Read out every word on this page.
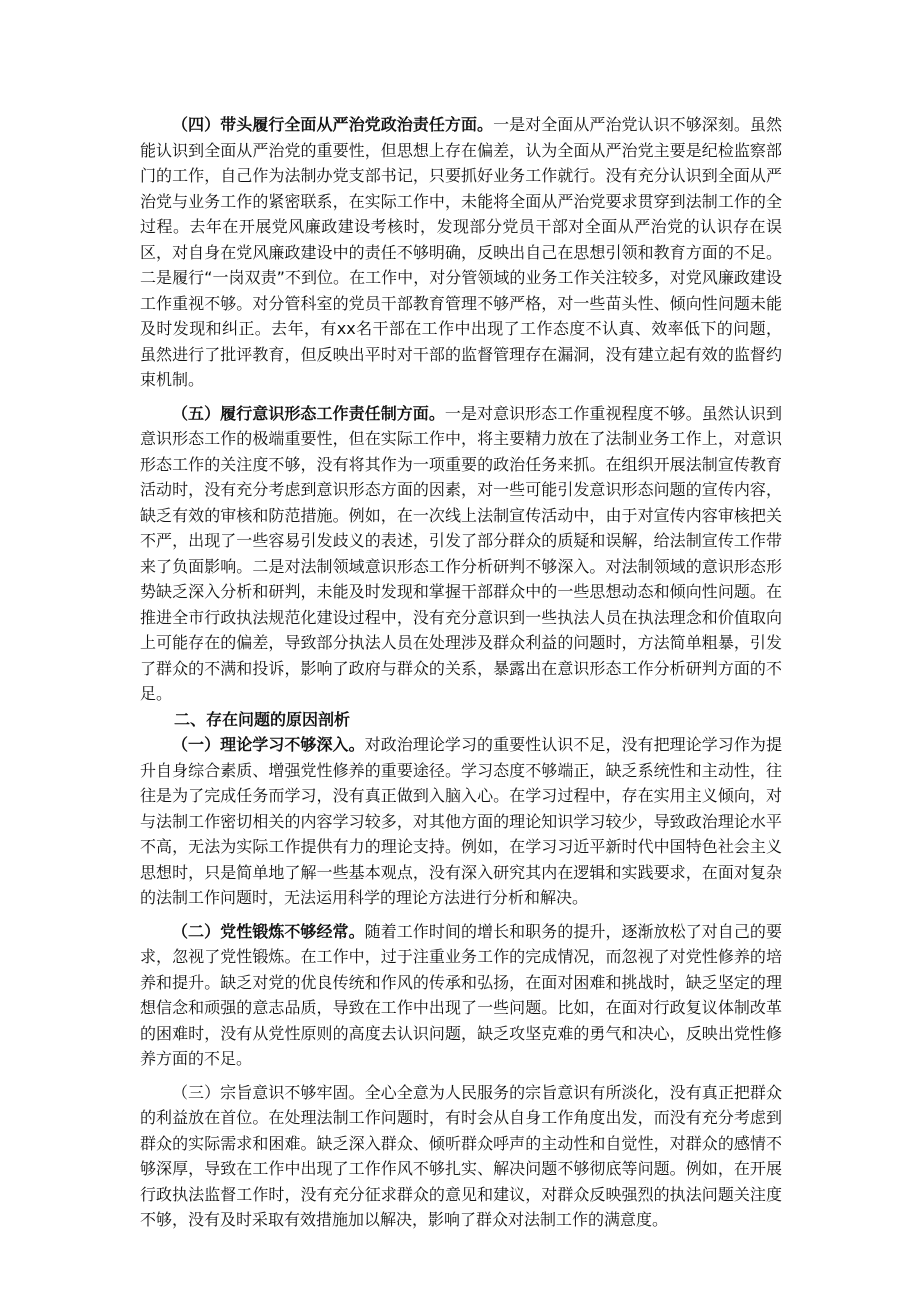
（四）带头履行全面从严治党政治责任方面。一是对全面从严治党认识不够深刻。虽然能认识到全面从严治党的重要性，但思想上存在偏差，认为全面从严治党主要是纪检监察部门的工作，自己作为法制办党支部书记，只要抓好业务工作就行。没有充分认识到全面从严治党与业务工作的紧密联系，在实际工作中，未能将全面从严治党要求贯穿到法制工作的全过程。去年在开展党风廉政建设考核时，发现部分党员干部对全面从严治党的认识存在误区，对自身在党风廉政建设中的责任不够明确，反映出自己在思想引领和教育方面的不足。二是履行“一岗双责”不到位。在工作中，对分管领域的业务工作关注较多，对党风廉政建设工作重视不够。对分管科室的党员干部教育管理不够严格，对一些苗头性、倾向性问题未能及时发现和纠正。去年，有xx名干部在工作中出现了工作态度不认真、效率低下的问题，虽然进行了批评教育，但反映出平时对干部的监督管理存在漏洞，没有建立起有效的监督约束机制。

（五）履行意识形态工作责任制方面。一是对意识形态工作重视程度不够。虽然认识到意识形态工作的极端重要性，但在实际工作中，将主要精力放在了法制业务工作上，对意识形态工作的关注度不够，没有将其作为一项重要的政治任务来抓。在组织开展法制宣传教育活动时，没有充分考虑到意识形态方面的因素，对一些可能引发意识形态问题的宣传内容，缺乏有效的审核和防范措施。例如，在一次线上法制宣传活动中，由于对宣传内容审核把关不严，出现了一些容易引发歧义的表述，引发了部分群众的质疑和误解，给法制宣传工作带来了负面影响。二是对法制领域意识形态工作分析研判不够深入。对法制领域的意识形态形势缺乏深入分析和研判，未能及时发现和掌握干部群众中的一些思想动态和倾向性问题。在推进全市行政执法规范化建设过程中，没有充分意识到一些执法人员在执法理念和价值取向上可能存在的偏差，导致部分执法人员在处理涉及群众利益的问题时，方法简单粗暴，引发了群众的不满和投诉，影响了政府与群众的关系，暴露出在意识形态工作分析研判方面的不足。

二、存在问题的原因剖析

（一）理论学习不够深入。对政治理论学习的重要性认识不足，没有把理论学习作为提升自身综合素质、增强党性修养的重要途径。学习态度不够端正，缺乏系统性和主动性，往往是为了完成任务而学习，没有真正做到入脑入心。在学习过程中，存在实用主义倾向，对与法制工作密切相关的内容学习较多，对其他方面的理论知识学习较少，导致政治理论水平不高，无法为实际工作提供有力的理论支持。例如，在学习习近平新时代中国特色社会主义思想时，只是简单地了解一些基本观点，没有深入研究其内在逻辑和实践要求，在面对复杂的法制工作问题时，无法运用科学的理论方法进行分析和解决。

（二）党性锻炼不够经常。随着工作时间的增长和职务的提升，逐渐放松了对自己的要求，忽视了党性锻炼。在工作中，过于注重业务工作的完成情况，而忽视了对党性修养的培养和提升。缺乏对党的优良传统和作风的传承和弘扬，在面对困难和挑战时，缺乏坚定的理想信念和顽强的意志品质，导致在工作中出现了一些问题。比如，在面对行政复议体制改革的困难时，没有从党性原则的高度去认识问题，缺乏攻坚克难的勇气和决心，反映出党性修养方面的不足。

（三）宗旨意识不够牢固。全心全意为人民服务的宗旨意识有所淡化，没有真正把群众的利益放在首位。在处理法制工作问题时，有时会从自身工作角度出发，而没有充分考虑到群众的实际需求和困难。缺乏深入群众、倾听群众呼声的主动性和自觉性，对群众的感情不够深厚，导致在工作中出现了工作作风不够扎实、解决问题不够彻底等问题。例如，在开展行政执法监督工作时，没有充分征求群众的意见和建议，对群众反映强烈的执法问题关注度不够，没有及时采取有效措施加以解决，影响了群众对法制工作的满意度。
